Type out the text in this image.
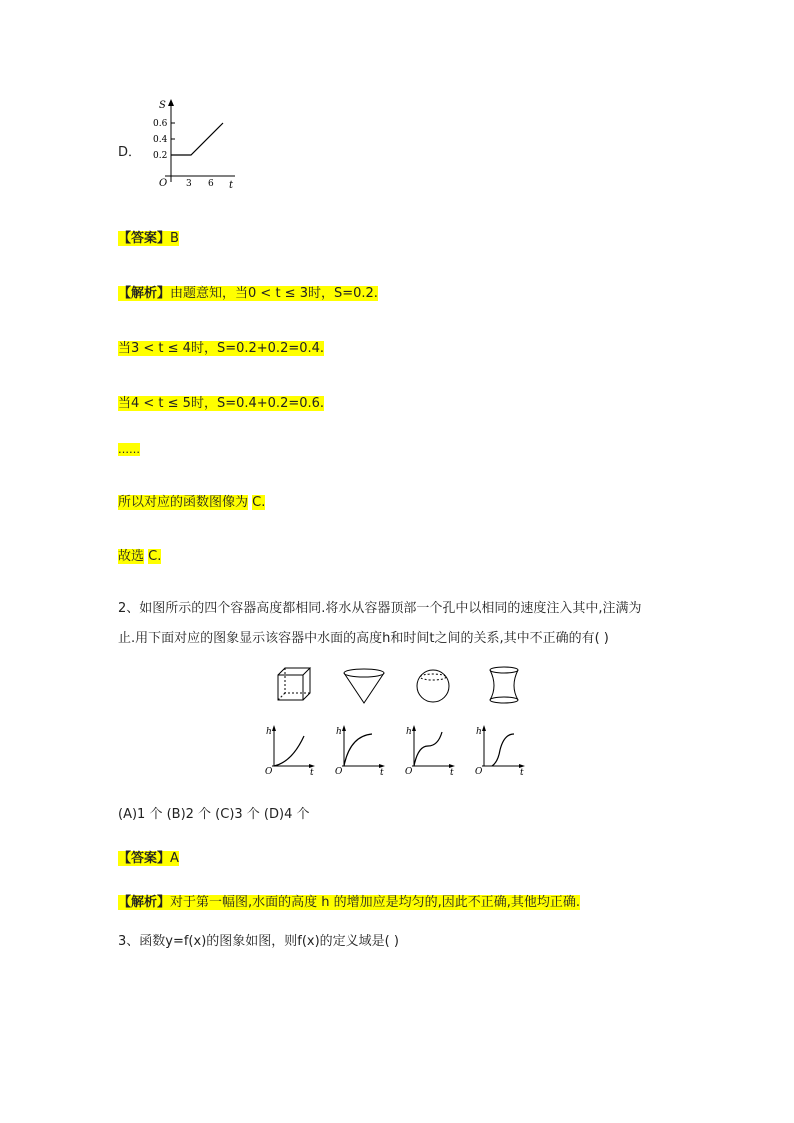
D．
S
0.6
0.4
0.2
O 3 6 t
【答案】B
【解析】由题意知，当0 < t ≤ 3时，S=0.2.
当3 < t ≤ 4时，S=0.2+0.2=0.4.
当4 < t ≤ 5时，S=0.4+0.2=0.6.
……
所以对应的函数图像为 C.
故选 C.
2、如图所示的四个容器高度都相同.将水从容器顶部一个孔中以相同的速度注入其中,注满为
止.用下面对应的图象显示该容器中水面的高度h和时间t之间的关系,其中不正确的有( )
h
O	t
h
O	t
h
O	t
h
O	t
(A)1 个 (B)2 个 (C)3 个 (D)4 个
【答案】A
【解析】对于第一幅图,水面的高度 h 的增加应是均匀的,因此不正确,其他均正确.
3、函数y=f(x)的图象如图，则f(x)的定义域是( )
